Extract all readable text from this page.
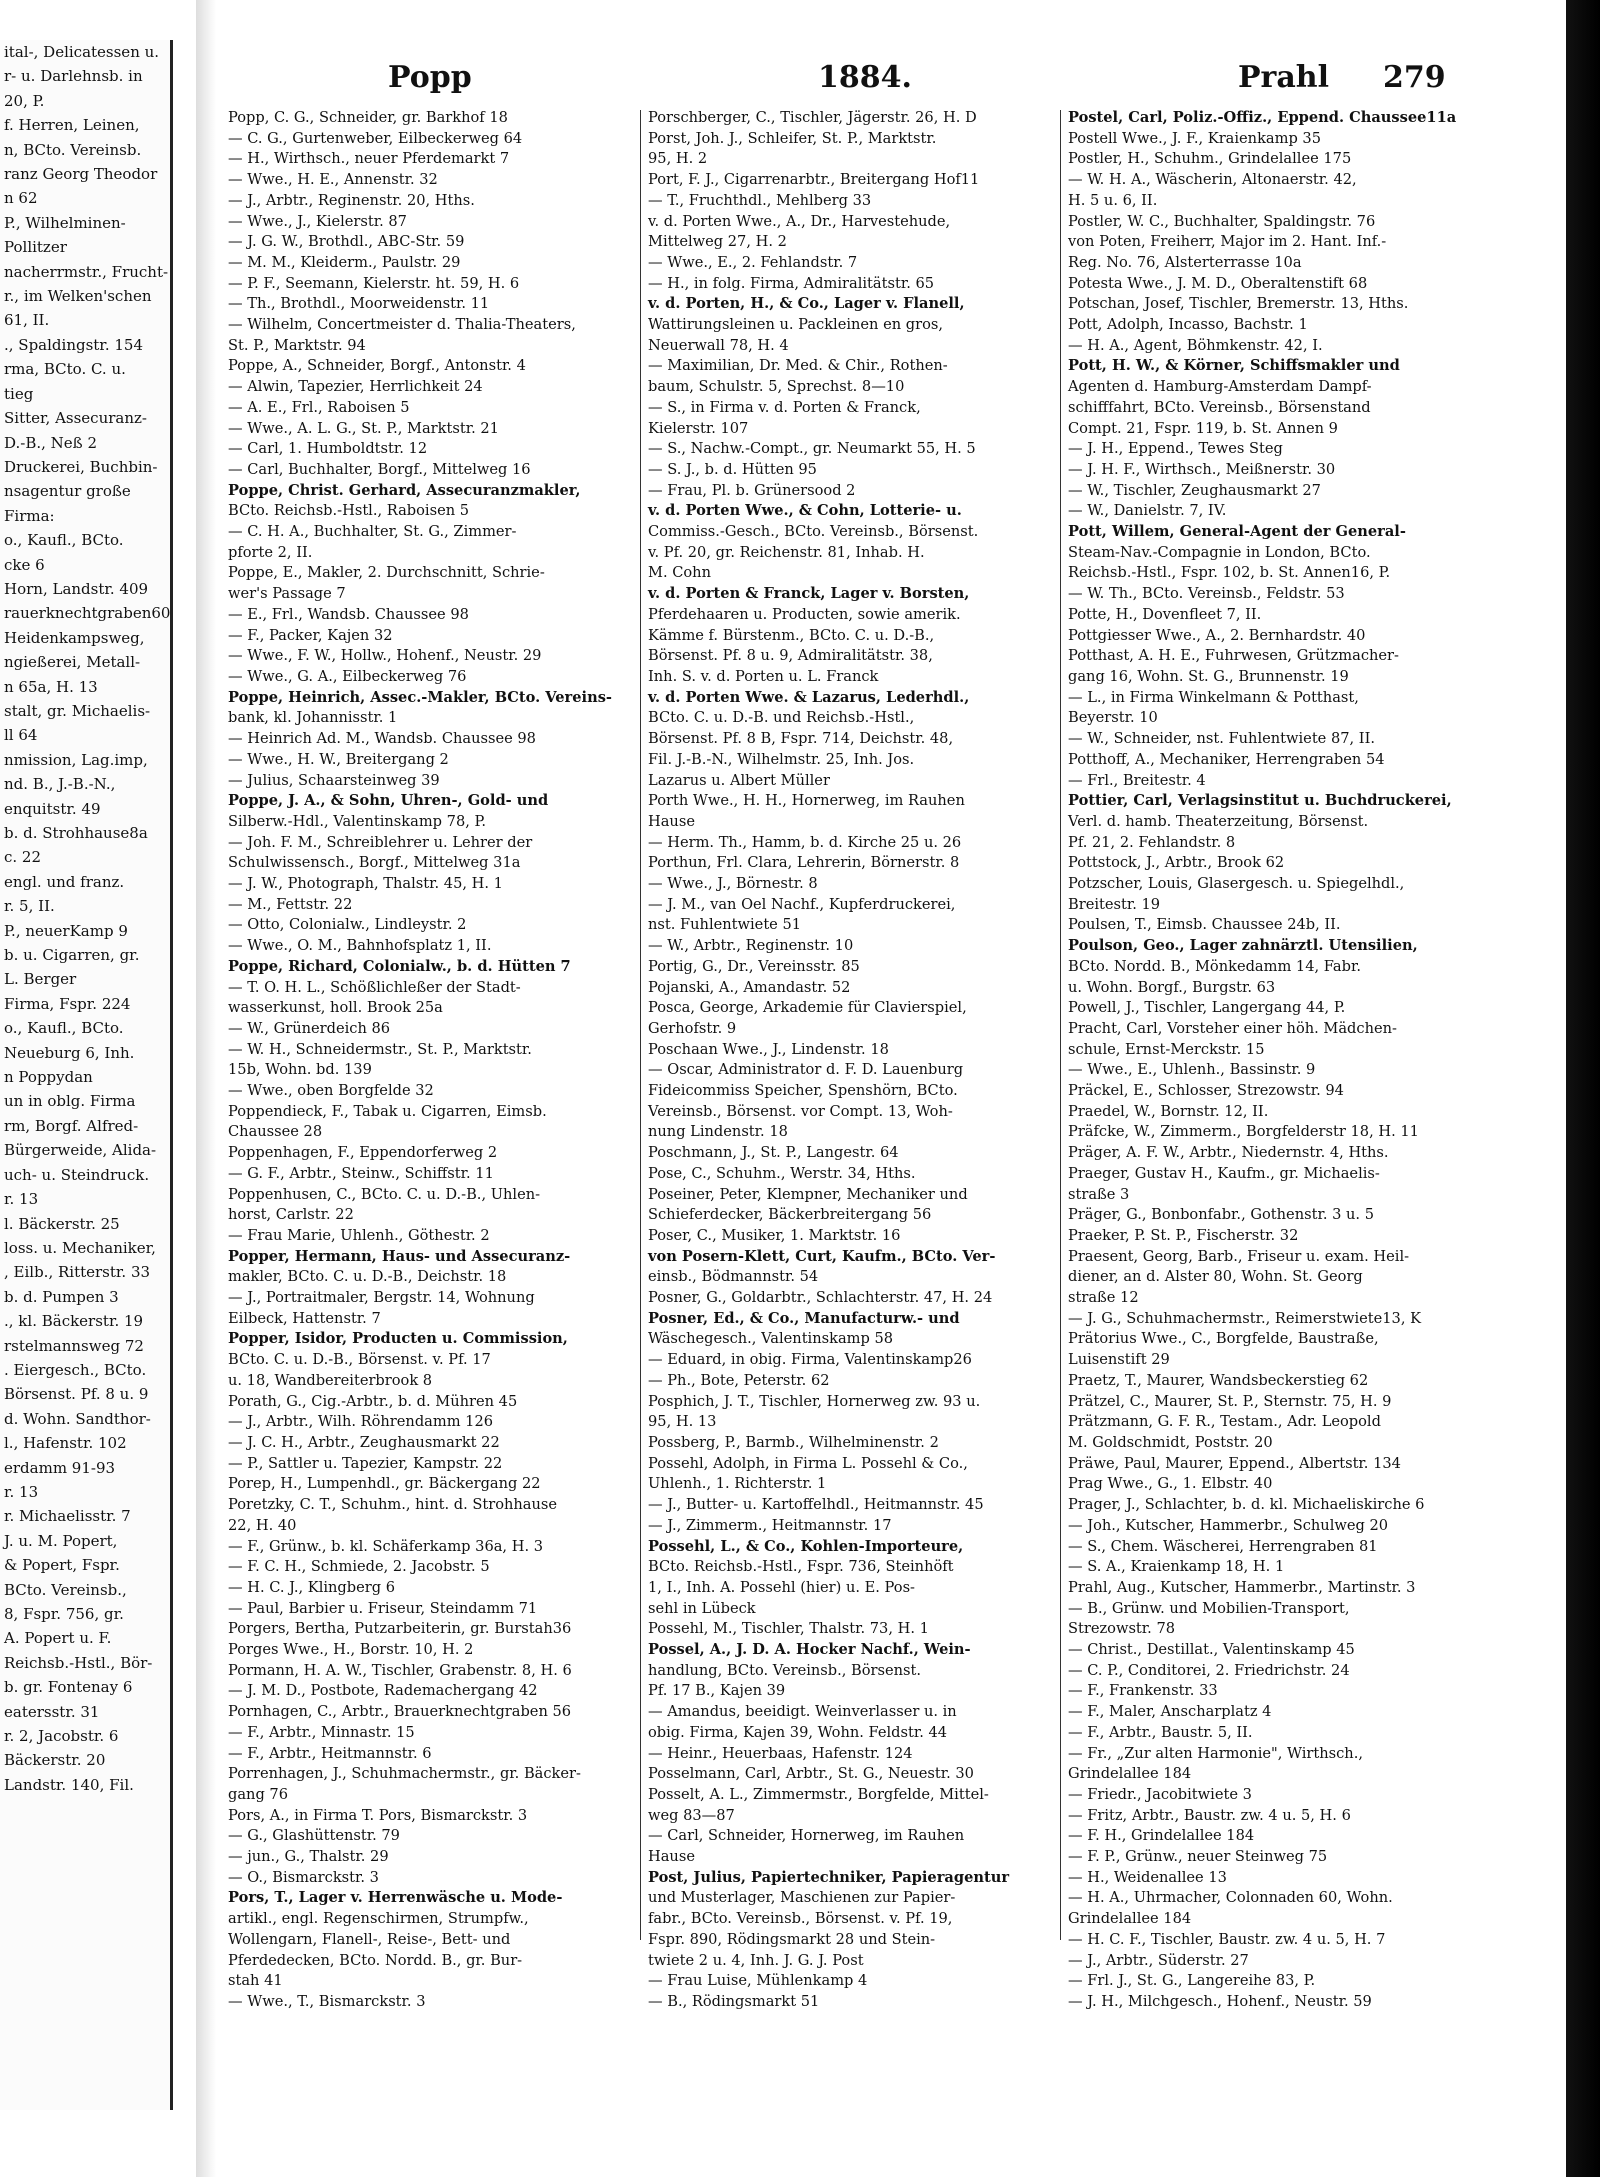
ital-, Delicatessen u.
r- u. Darlehnsb. in
20, P.
f. Herren, Leinen,
n, BCto. Vereinsb.
ranz Georg Theodor
n 62
P., Wilhelminen-
Pollitzer
nacherrmstr., Frucht-
r., im Welken'schen
61, II.
., Spaldingstr. 154
rma, BCto. C. u.
tieg
Sitter, Assecuranz-
D.-B., Neß 2
Druckerei, Buchbin-
nsagentur große
Firma:
o., Kaufl., BCto.
cke 6
Horn, Landstr. 409
rauerknechtgraben60
Heidenkampsweg,
ngießerei, Metall-
n 65a, H. 13
stalt, gr. Michaelis-
ll 64
nmission, Lag.imp,
nd. B., J.-B.-N.,
enquitstr. 49
b. d. Strohhause8a
c. 22
engl. und franz.
r. 5, II.
P., neuerKamp 9
b. u. Cigarren, gr.
L. Berger
Firma, Fspr. 224
o., Kaufl., BCto.
Neueburg 6, Inh.
n Poppydan
un in oblg. Firma
rm, Borgf. Alfred-
Bürgerweide, Alida-
uch- u. Steindruck.
r. 13
l. Bäckerstr. 25
loss. u. Mechaniker,
, Eilb., Ritterstr. 33
b. d. Pumpen 3
., kl. Bäckerstr. 19
rstelmannsweg 72
. Eiergesch., BCto.
Börsenst. Pf. 8 u. 9
d. Wohn. Sandthor-
l., Hafenstr. 102
erdamm 91-93
r. 13
r. Michaelisstr. 7
J. u. M. Popert,
& Popert, Fspr.
BCto. Vereinsb.,
8, Fspr. 756, gr.
A. Popert u. F.
Reichsb.-Hstl., Bör-
b. gr. Fontenay 6
eatersstr. 31
r. 2, Jacobstr. 6
Bäckerstr. 20
Landstr. 140, Fil.
Popp	1884.	Prahl 279
Popp, C. G., Schneider, gr. Barkhof 18
— C. G., Gurtenweber, Eilbeckerweg 64
— H., Wirthsch., neuer Pferdemarkt 7
— Wwe., H. E., Annenstr. 32
— J., Arbtr., Reginenstr. 20, Hths.
— Wwe., J., Kielerstr. 87
— J. G. W., Brothdl., ABC-Str. 59
— M. M., Kleiderm., Paulstr. 29
— P. F., Seemann, Kielerstr. ht. 59, H. 6
— Th., Brothdl., Moorweidenstr. 11
— Wilhelm, Concertmeister d. Thalia-Theaters,
St. P., Marktstr. 94
Poppe, A., Schneider, Borgf., Antonstr. 4
— Alwin, Tapezier, Herrlichkeit 24
— A. E., Frl., Raboisen 5
— Wwe., A. L. G., St. P., Marktstr. 21
— Carl, 1. Humboldtstr. 12
— Carl, Buchhalter, Borgf., Mittelweg 16
Poppe, Christ. Gerhard, Assecuranzmakler,
BCto. Reichsb.-Hstl., Raboisen 5
— C. H. A., Buchhalter, St. G., Zimmer-
pforte 2, II.
Poppe, E., Makler, 2. Durchschnitt, Schrie-
wer's Passage 7
— E., Frl., Wandsb. Chaussee 98
— F., Packer, Kajen 32
— Wwe., F. W., Hollw., Hohenf., Neustr. 29
— Wwe., G. A., Eilbeckerweg 76
Poppe, Heinrich, Assec.-Makler, BCto. Vereins-
bank, kl. Johannisstr. 1
— Heinrich Ad. M., Wandsb. Chaussee 98
— Wwe., H. W., Breitergang 2
— Julius, Schaarsteinweg 39
Poppe, J. A., & Sohn, Uhren-, Gold- und
Silberw.-Hdl., Valentinskamp 78, P.
— Joh. F. M., Schreiblehrer u. Lehrer der
Schulwissensch., Borgf., Mittelweg 31a
— J. W., Photograph, Thalstr. 45, H. 1
— M., Fettstr. 22
— Otto, Colonialw., Lindleystr. 2
— Wwe., O. M., Bahnhofsplatz 1, II.
Poppe, Richard, Colonialw., b. d. Hütten 7
— T. O. H. L., Schößlichleßer der Stadt-
wasserkunst, holl. Brook 25a
— W., Grünerdeich 86
— W. H., Schneidermstr., St. P., Marktstr.
15b, Wohn. bd. 139
— Wwe., oben Borgfelde 32
Poppendieck, F., Tabak u. Cigarren, Eimsb.
Chaussee 28
Poppenhagen, F., Eppendorferweg 2
— G. F., Arbtr., Steinw., Schiffstr. 11
Poppenhusen, C., BCto. C. u. D.-B., Uhlen-
horst, Carlstr. 22
— Frau Marie, Uhlenh., Göthestr. 2
Popper, Hermann, Haus- und Assecuranz-
makler, BCto. C. u. D.-B., Deichstr. 18
— J., Portraitmaler, Bergstr. 14, Wohnung
Eilbeck, Hattenstr. 7
Popper, Isidor, Producten u. Commission,
BCto. C. u. D.-B., Börsenst. v. Pf. 17
u. 18, Wandbereiterbrook 8
Porath, G., Cig.-Arbtr., b. d. Mühren 45
— J., Arbtr., Wilh. Röhrendamm 126
— J. C. H., Arbtr., Zeughausmarkt 22
— P., Sattler u. Tapezier, Kampstr. 22
Porep, H., Lumpenhdl., gr. Bäckergang 22
Poretzky, C. T., Schuhm., hint. d. Strohhause
22, H. 40
— F., Grünw., b. kl. Schäferkamp 36a, H. 3
— F. C. H., Schmiede, 2. Jacobstr. 5
— H. C. J., Klingberg 6
— Paul, Barbier u. Friseur, Steindamm 71
Porgers, Bertha, Putzarbeiterin, gr. Burstah36
Porges Wwe., H., Borstr. 10, H. 2
Pormann, H. A. W., Tischler, Grabenstr. 8, H. 6
— J. M. D., Postbote, Rademachergang 42
Pornhagen, C., Arbtr., Brauerknechtgraben 56
— F., Arbtr., Minnastr. 15
— F., Arbtr., Heitmannstr. 6
Porrenhagen, J., Schuhmachermstr., gr. Bäcker-
gang 76
Pors, A., in Firma T. Pors, Bismarckstr. 3
— G., Glashüttenstr. 79
— jun., G., Thalstr. 29
— O., Bismarckstr. 3
Pors, T., Lager v. Herrenwäsche u. Mode-
artikl., engl. Regenschirmen, Strumpfw.,
Wollengarn, Flanell-, Reise-, Bett- und
Pferdedecken, BCto. Nordd. B., gr. Bur-
stah 41
— Wwe., T., Bismarckstr. 3
Porschberger, C., Tischler, Jägerstr. 26, H. D
Porst, Joh. J., Schleifer, St. P., Marktstr.
95, H. 2
Port, F. J., Cigarrenarbtr., Breitergang Hof11
— T., Fruchthdl., Mehlberg 33
v. d. Porten Wwe., A., Dr., Harvestehude,
Mittelweg 27, H. 2
— Wwe., E., 2. Fehlandstr. 7
— H., in folg. Firma, Admiralitätstr. 65
v. d. Porten, H., & Co., Lager v. Flanell,
Wattirungsleinen u. Packleinen en gros,
Neuerwall 78, H. 4
— Maximilian, Dr. Med. & Chir., Rothen-
baum, Schulstr. 5, Sprechst. 8—10
— S., in Firma v. d. Porten & Franck,
Kielerstr. 107
— S., Nachw.-Compt., gr. Neumarkt 55, H. 5
— S. J., b. d. Hütten 95
— Frau, Pl. b. Grünersood 2
v. d. Porten Wwe., & Cohn, Lotterie- u.
Commiss.-Gesch., BCto. Vereinsb., Börsenst.
v. Pf. 20, gr. Reichenstr. 81, Inhab. H.
M. Cohn
v. d. Porten & Franck, Lager v. Borsten,
Pferdehaaren u. Producten, sowie amerik.
Kämme f. Bürstenm., BCto. C. u. D.-B.,
Börsenst. Pf. 8 u. 9, Admiralitätstr. 38,
Inh. S. v. d. Porten u. L. Franck
v. d. Porten Wwe. & Lazarus, Lederhdl.,
BCto. C. u. D.-B. und Reichsb.-Hstl.,
Börsenst. Pf. 8 B, Fspr. 714, Deichstr. 48,
Fil. J.-B.-N., Wilhelmstr. 25, Inh. Jos.
Lazarus u. Albert Müller
Porth Wwe., H. H., Hornerweg, im Rauhen
Hause
— Herm. Th., Hamm, b. d. Kirche 25 u. 26
Porthun, Frl. Clara, Lehrerin, Börnerstr. 8
— Wwe., J., Börnestr. 8
— J. M., van Oel Nachf., Kupferdruckerei,
nst. Fuhlentwiete 51
— W., Arbtr., Reginenstr. 10
Portig, G., Dr., Vereinsstr. 85
Pojanski, A., Amandastr. 52
Posca, George, Arkademie für Clavierspiel,
Gerhofstr. 9
Poschaan Wwe., J., Lindenstr. 18
— Oscar, Administrator d. F. D. Lauenburg
Fideicommiss Speicher, Spenshörn, BCto.
Vereinsb., Börsenst. vor Compt. 13, Woh-
nung Lindenstr. 18
Poschmann, J., St. P., Langestr. 64
Pose, C., Schuhm., Werstr. 34, Hths.
Poseiner, Peter, Klempner, Mechaniker und
Schieferdecker, Bäckerbreitergang 56
Poser, C., Musiker, 1. Marktstr. 16
von Posern-Klett, Curt, Kaufm., BCto. Ver-
einsb., Bödmannstr. 54
Posner, G., Goldarbtr., Schlachterstr. 47, H. 24
Posner, Ed., & Co., Manufacturw.- und
Wäschegesch., Valentinskamp 58
— Eduard, in obig. Firma, Valentinskamp26
— Ph., Bote, Peterstr. 62
Posphich, J. T., Tischler, Hornerweg zw. 93 u.
95, H. 13
Possberg, P., Barmb., Wilhelminenstr. 2
Possehl, Adolph, in Firma L. Possehl & Co.,
Uhlenh., 1. Richterstr. 1
— J., Butter- u. Kartoffelhdl., Heitmannstr. 45
— J., Zimmerm., Heitmannstr. 17
Possehl, L., & Co., Kohlen-Importeure,
BCto. Reichsb.-Hstl., Fspr. 736, Steinhöft
1, I., Inh. A. Possehl (hier) u. E. Pos-
sehl in Lübeck
Possehl, M., Tischler, Thalstr. 73, H. 1
Possel, A., J. D. A. Hocker Nachf., Wein-
handlung, BCto. Vereinsb., Börsenst.
Pf. 17 B., Kajen 39
— Amandus, beeidigt. Weinverlasser u. in
obig. Firma, Kajen 39, Wohn. Feldstr. 44
— Heinr., Heuerbaas, Hafenstr. 124
Posselmann, Carl, Arbtr., St. G., Neuestr. 30
Posselt, A. L., Zimmermstr., Borgfelde, Mittel-
weg 83—87
— Carl, Schneider, Hornerweg, im Rauhen
Hause
Post, Julius, Papiertechniker, Papieragentur
und Musterlager, Maschienen zur Papier-
fabr., BCto. Vereinsb., Börsenst. v. Pf. 19,
Fspr. 890, Rödingsmarkt 28 und Stein-
twiete 2 u. 4, Inh. J. G. J. Post
— Frau Luise, Mühlenkamp 4
— B., Rödingsmarkt 51
Postel, Carl, Poliz.-Offiz., Eppend. Chaussee11a
Postell Wwe., J. F., Kraienkamp 35
Postler, H., Schuhm., Grindelallee 175
— W. H. A., Wäscherin, Altonaerstr. 42,
H. 5 u. 6, II.
Postler, W. C., Buchhalter, Spaldingstr. 76
von Poten, Freiherr, Major im 2. Hant. Inf.-
Reg. No. 76, Alsterterrasse 10a
Potesta Wwe., J. M. D., Oberaltenstift 68
Potschan, Josef, Tischler, Bremerstr. 13, Hths.
Pott, Adolph, Incasso, Bachstr. 1
— H. A., Agent, Böhmkenstr. 42, I.
Pott, H. W., & Körner, Schiffsmakler und
Agenten d. Hamburg-Amsterdam Dampf-
schifffahrt, BCto. Vereinsb., Börsenstand
Compt. 21, Fspr. 119, b. St. Annen 9
— J. H., Eppend., Tewes Steg
— J. H. F., Wirthsch., Meißnerstr. 30
— W., Tischler, Zeughausmarkt 27
— W., Danielstr. 7, IV.
Pott, Willem, General-Agent der General-
Steam-Nav.-Compagnie in London, BCto.
Reichsb.-Hstl., Fspr. 102, b. St. Annen16, P.
— W. Th., BCto. Vereinsb., Feldstr. 53
Potte, H., Dovenfleet 7, II.
Pottgiesser Wwe., A., 2. Bernhardstr. 40
Potthast, A. H. E., Fuhrwesen, Grützmacher-
gang 16, Wohn. St. G., Brunnenstr. 19
— L., in Firma Winkelmann & Potthast,
Beyerstr. 10
— W., Schneider, nst. Fuhlentwiete 87, II.
Potthoff, A., Mechaniker, Herrengraben 54
— Frl., Breitestr. 4
Pottier, Carl, Verlagsinstitut u. Buchdruckerei,
Verl. d. hamb. Theaterzeitung, Börsenst.
Pf. 21, 2. Fehlandstr. 8
Pottstock, J., Arbtr., Brook 62
Potzscher, Louis, Glasergesch. u. Spiegelhdl.,
Breitestr. 19
Poulsen, T., Eimsb. Chaussee 24b, II.
Poulson, Geo., Lager zahnärztl. Utensilien,
BCto. Nordd. B., Mönkedamm 14, Fabr.
u. Wohn. Borgf., Burgstr. 63
Powell, J., Tischler, Langergang 44, P.
Pracht, Carl, Vorsteher einer höh. Mädchen-
schule, Ernst-Merckstr. 15
— Wwe., E., Uhlenh., Bassinstr. 9
Präckel, E., Schlosser, Strezowstr. 94
Praedel, W., Bornstr. 12, II.
Präfcke, W., Zimmerm., Borgfelderstr 18, H. 11
Präger, A. F. W., Arbtr., Niedernstr. 4, Hths.
Praeger, Gustav H., Kaufm., gr. Michaelis-
straße 3
Präger, G., Bonbonfabr., Gothenstr. 3 u. 5
Praeker, P. St. P., Fischerstr. 32
Praesent, Georg, Barb., Friseur u. exam. Heil-
diener, an d. Alster 80, Wohn. St. Georg
straße 12
— J. G., Schuhmachermstr., Reimerstwiete13, K
Prätorius Wwe., C., Borgfelde, Baustraße,
Luisenstift 29
Praetz, T., Maurer, Wandsbeckerstieg 62
Prätzel, C., Maurer, St. P., Sternstr. 75, H. 9
Prätzmann, G. F. R., Testam., Adr. Leopold
M. Goldschmidt, Poststr. 20
Präwe, Paul, Maurer, Eppend., Albertstr. 134
Prag Wwe., G., 1. Elbstr. 40
Prager, J., Schlachter, b. d. kl. Michaeliskirche 6
— Joh., Kutscher, Hammerbr., Schulweg 20
— S., Chem. Wäscherei, Herrengraben 81
— S. A., Kraienkamp 18, H. 1
Prahl, Aug., Kutscher, Hammerbr., Martinstr. 3
— B., Grünw. und Mobilien-Transport,
Strezowstr. 78
— Christ., Destillat., Valentinskamp 45
— C. P., Conditorei, 2. Friedrichstr. 24
— F., Frankenstr. 33
— F., Maler, Anscharplatz 4
— F., Arbtr., Baustr. 5, II.
— Fr., „Zur alten Harmonie", Wirthsch.,
Grindelallee 184
— Friedr., Jacobitwiete 3
— Fritz, Arbtr., Baustr. zw. 4 u. 5, H. 6
— F. H., Grindelallee 184
— F. P., Grünw., neuer Steinweg 75
— H., Weidenallee 13
— H. A., Uhrmacher, Colonnaden 60, Wohn.
Grindelallee 184
— H. C. F., Tischler, Baustr. zw. 4 u. 5, H. 7
— J., Arbtr., Süderstr. 27
— Frl. J., St. G., Langereihe 83, P.
— J. H., Milchgesch., Hohenf., Neustr. 59
